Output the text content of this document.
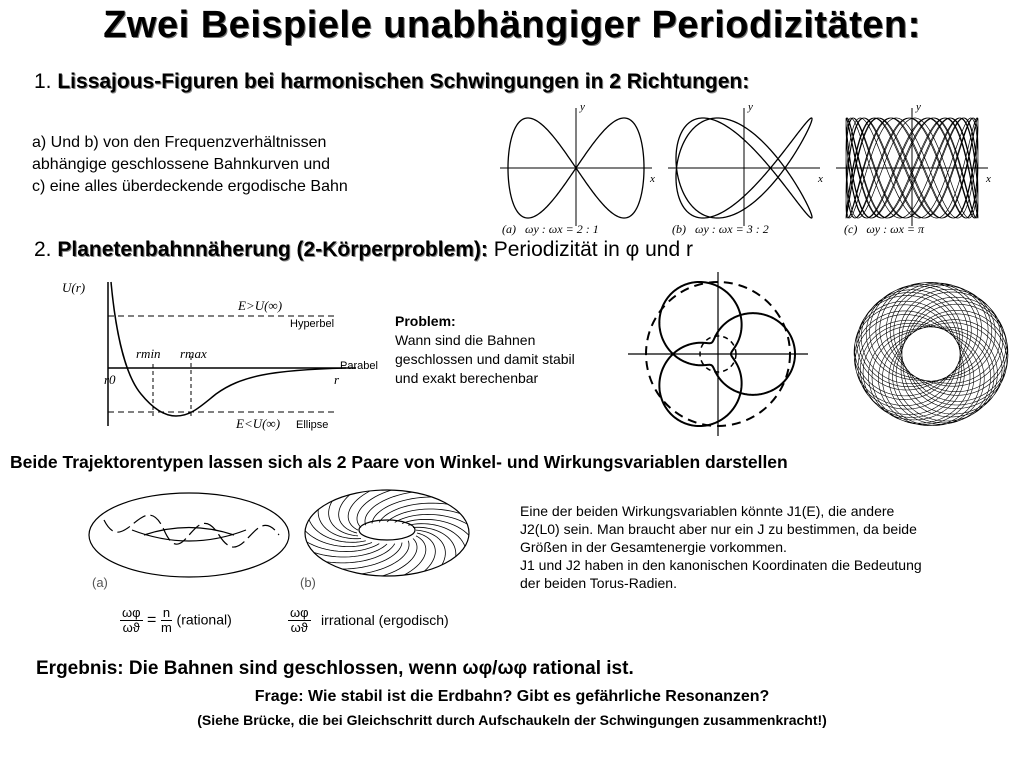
Zwei Beispiele unabhängiger Periodizitäten:
1. Lissajous-Figuren bei harmonischen Schwingungen in 2 Richtungen:
a) Und b) von den Frequenzverhältnissen
abhängige geschlossene Bahnkurven und
c) eine alles überdeckende ergodische Bahn	x
y
x
y
x
y
(a) ωy : ωx = 2 : 1	(b) ωy : ωx = 3 : 2	(c) ωy : ωx = π
2. Planetenbahnnäherung (2-Körperproblem): Periodizität in φ und r
U(r)
E>U(∞)
Hyperbel
rmin rmax
Parabel
r
r0
E<U(∞) Ellipse
Problem:
Wann sind die Bahnen
geschlossen und damit stabil
und exakt berechenbar
Beide Trajektorentypen lassen sich als 2 Paare von Winkel- und Wirkungsvariablen darstellen
(a)	(b)
$\frac{\omega\varphi}{\omega ϑ} = \frac{n}{m}$ (rational)	$\frac{\omega\varphi}{\omega ϑ}$ irrational (ergodisch)
Eine der beiden Wirkungsvariablen könnte J1(E), die andere
J2(L0) sein. Man braucht aber nur ein J zu bestimmen, da beide
Größen in der Gesamtenergie vorkommen.
J1 und J2 haben in den kanonischen Koordinaten die Bedeutung
der beiden Torus-Radien.
Ergebnis: Die Bahnen sind geschlossen, wenn ωφ/ωφ rational ist.
Frage: Wie stabil ist die Erdbahn? Gibt es gefährliche Resonanzen?
(Siehe Brücke, die bei Gleichschritt durch Aufschaukeln der Schwingungen zusammenkracht!)
